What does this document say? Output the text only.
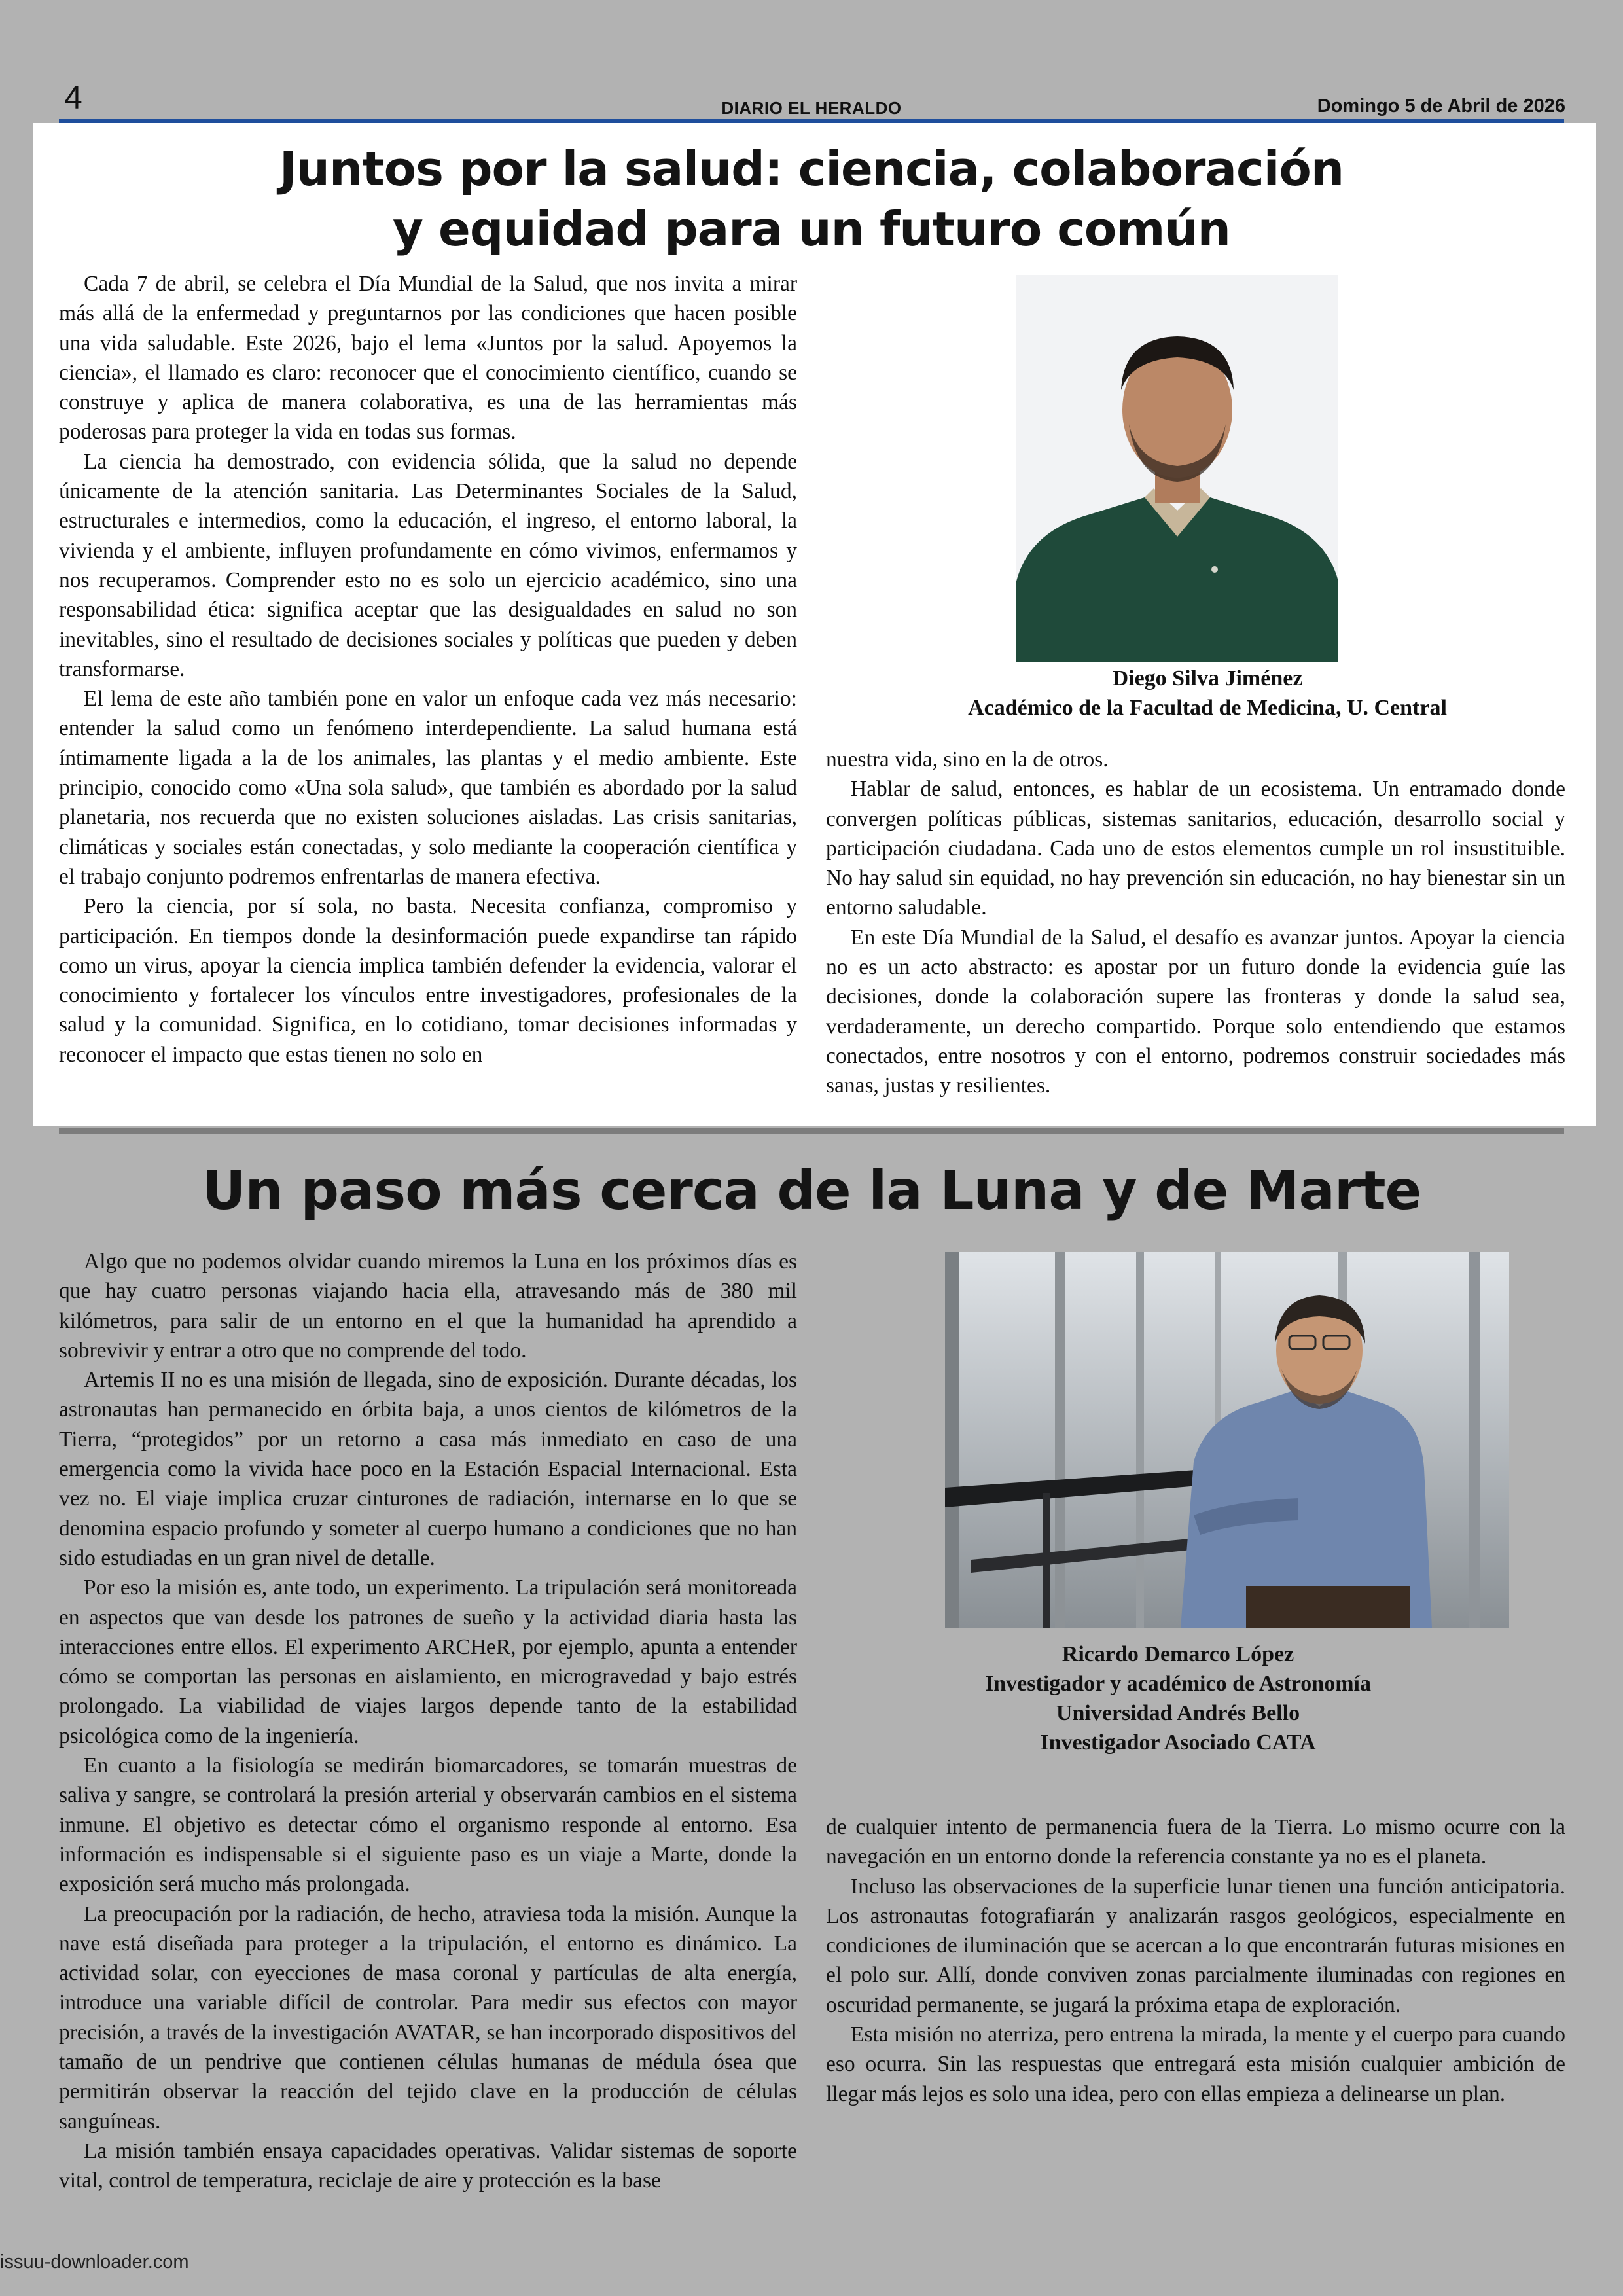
4	DIARIO EL HERALDO	Domingo 5 de Abril de 2026
Juntos por la salud: ciencia, colaboración
y equidad para un futuro común

Cada 7 de abril, se celebra el Día Mundial de la Salud, que nos invita a mirar más allá de la enfermedad y preguntarnos por las condiciones que hacen posible una vida saludable. Este 2026, bajo el lema «Juntos por la salud. Apoyemos la ciencia», el llamado es claro: reconocer que el conocimiento científico, cuando se construye y aplica de manera colaborativa, es una de las herramientas más poderosas para proteger la vida en todas sus formas.

La ciencia ha demostrado, con evidencia sólida, que la salud no depende únicamente de la atención sanitaria. Las Determinantes Sociales de la Salud, estructurales e intermedios, como la educación, el ingreso, el entorno laboral, la vivienda y el ambiente, influyen profundamente en cómo vivimos, enfermamos y nos recuperamos. Comprender esto no es solo un ejercicio académico, sino una responsabilidad ética: significa aceptar que las desigualdades en salud no son inevitables, sino el resultado de decisiones sociales y políticas que pueden y deben transformarse.

El lema de este año también pone en valor un enfoque cada vez más necesario: entender la salud como un fenómeno interdependiente. La salud humana está íntimamente ligada a la de los animales, las plantas y el medio ambiente. Este principio, conocido como «Una sola salud», que también es abordado por la salud planetaria, nos recuerda que no existen soluciones aisladas. Las crisis sanitarias, climáticas y sociales están conectadas, y solo mediante la cooperación científica y el trabajo conjunto podremos enfrentarlas de manera efectiva.

Pero la ciencia, por sí sola, no basta. Necesita confianza, compromiso y participación. En tiempos donde la desinformación puede expandirse tan rápido como un virus, apoyar la ciencia implica también defender la evidencia, valorar el conocimiento y fortalecer los vínculos entre investigadores, profesionales de la salud y la comunidad. Significa, en lo cotidiano, tomar decisiones informadas y reconocer el impacto que estas tienen no solo en

Diego Silva Jiménez
Académico de la Facultad de Medicina, U. Central

nuestra vida, sino en la de otros.

Hablar de salud, entonces, es hablar de un ecosistema. Un entramado donde convergen políticas públicas, sistemas sanitarios, educación, desarrollo social y participación ciudadana. Cada uno de estos elementos cumple un rol insustituible. No hay salud sin equidad, no hay prevención sin educación, no hay bienestar sin un entorno saludable.

En este Día Mundial de la Salud, el desafío es avanzar juntos. Apoyar la ciencia no es un acto abstracto: es apostar por un futuro donde la evidencia guíe las decisiones, donde la colaboración supere las fronteras y donde la salud sea, verdaderamente, un derecho compartido. Porque solo entendiendo que estamos conectados, entre nosotros y con el entorno, podremos construir sociedades más sanas, justas y resilientes.

Un paso más cerca de la Luna y de Marte

Algo que no podemos olvidar cuando miremos la Luna en los próximos días es que hay cuatro personas viajando hacia ella, atravesando más de 380 mil kilómetros, para salir de un entorno en el que la humanidad ha aprendido a sobrevivir y entrar a otro que no comprende del todo.

Artemis II no es una misión de llegada, sino de exposición. Durante décadas, los astronautas han permanecido en órbita baja, a unos cientos de kilómetros de la Tierra, “protegidos” por un retorno a casa más inmediato en caso de una emergencia como la vivida hace poco en la Estación Espacial Internacional. Esta vez no. El viaje implica cruzar cinturones de radiación, internarse en lo que se denomina espacio profundo y someter al cuerpo humano a condiciones que no han sido estudiadas en un gran nivel de detalle.

Por eso la misión es, ante todo, un experimento. La tripulación será monitoreada en aspectos que van desde los patrones de sueño y la actividad diaria hasta las interacciones entre ellos. El experimento ARCHeR, por ejemplo, apunta a entender cómo se comportan las personas en aislamiento, en microgravedad y bajo estrés prolongado. La viabilidad de viajes largos depende tanto de la estabilidad psicológica como de la ingeniería.

En cuanto a la fisiología se medirán biomarcadores, se tomarán muestras de saliva y sangre, se controlará la presión arterial y observarán cambios en el sistema inmune. El objetivo es detectar cómo el organismo responde al entorno. Esa información es indispensable si el siguiente paso es un viaje a Marte, donde la exposición será mucho más prolongada.

La preocupación por la radiación, de hecho, atraviesa toda la misión. Aunque la nave está diseñada para proteger a la tripulación, el entorno es dinámico. La actividad solar, con eyecciones de masa coronal y partículas de alta energía, introduce una variable difícil de controlar. Para medir sus efectos con mayor precisión, a través de la investigación AVATAR, se han incorporado dispositivos del tamaño de un pendrive que contienen células humanas de médula ósea que permitirán observar la reacción del tejido clave en la producción de células sanguíneas.

La misión también ensaya capacidades operativas. Validar sistemas de soporte vital, control de temperatura, reciclaje de aire y protección es la base

Ricardo Demarco López
Investigador y académico de Astronomía
Universidad Andrés Bello
Investigador Asociado CATA

de cualquier intento de permanencia fuera de la Tierra. Lo mismo ocurre con la navegación en un entorno donde la referencia constante ya no es el planeta.

Incluso las observaciones de la superficie lunar tienen una función anticipatoria. Los astronautas fotografiarán y analizarán rasgos geológicos, especialmente en condiciones de iluminación que se acercan a lo que encontrarán futuras misiones en el polo sur. Allí, donde conviven zonas parcialmente iluminadas con regiones en oscuridad permanente, se jugará la próxima etapa de exploración.

Esta misión no aterriza, pero entrena la mirada, la mente y el cuerpo para cuando eso ocurra. Sin las respuestas que entregará esta misión cualquier ambición de llegar más lejos es solo una idea, pero con ellas empieza a delinearse un plan.

issuu-downloader.com
